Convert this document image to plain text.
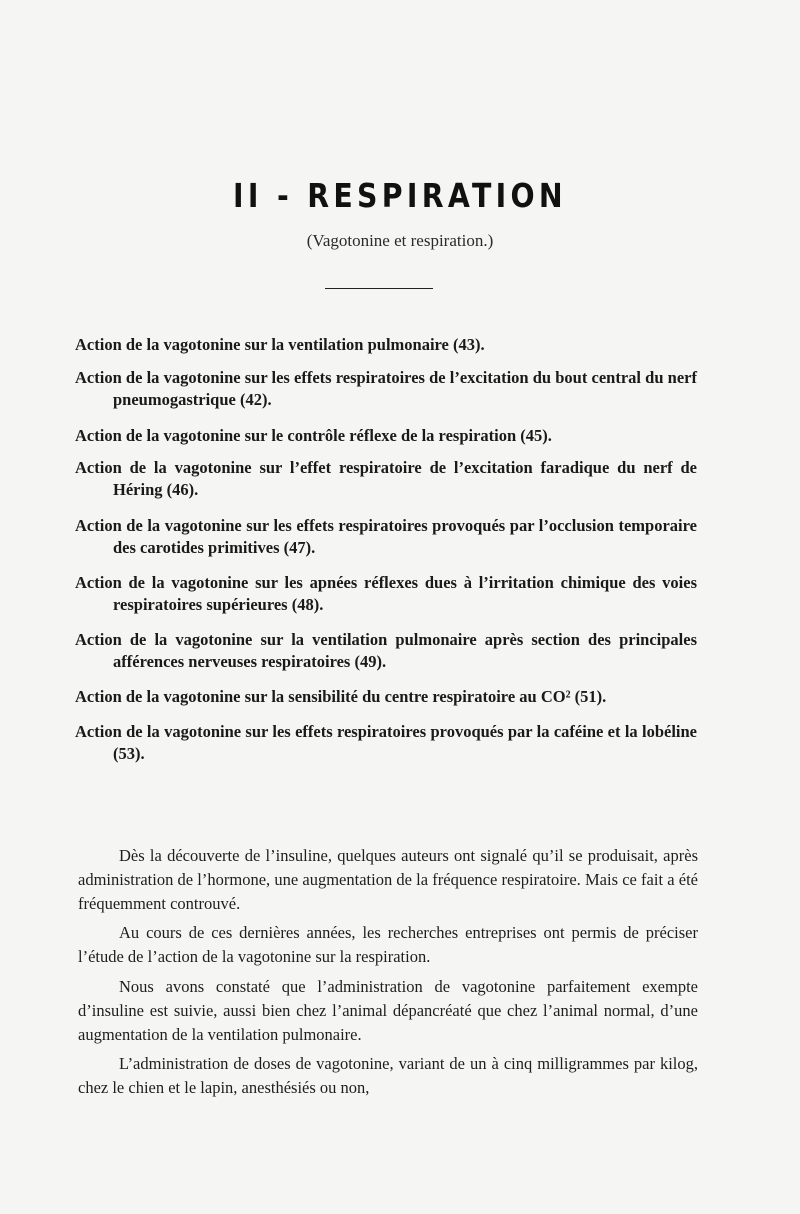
II - RESPIRATION
(Vagotonine et respiration.)
Action de la vagotonine sur la ventilation pulmonaire (43).
Action de la vagotonine sur les effets respiratoires de l’excitation du bout central du nerf pneumogastrique (42).
Action de la vagotonine sur le contrôle réflexe de la respiration (45).
Action de la vagotonine sur l’effet respiratoire de l’excitation faradique du nerf de Héring (46).
Action de la vagotonine sur les effets respiratoires provoqués par l’occlusion temporaire des carotides primitives (47).
Action de la vagotonine sur les apnées réflexes dues à l’irritation chimique des voies respiratoires supérieures (48).
Action de la vagotonine sur la ventilation pulmonaire après section des principales afférences nerveuses respiratoires (49).
Action de la vagotonine sur la sensibilité du centre respiratoire au CO² (51).
Action de la vagotonine sur les effets respiratoires provoqués par la caféine et la lobéline (53).

Dès la découverte de l’insuline, quelques auteurs ont signalé qu’il se produisait, après administration de l’hormone, une augmentation de la fréquence respiratoire. Mais ce fait a été fréquemment controuvé.

Au cours de ces dernières années, les recherches entreprises ont permis de préciser l’étude de l’action de la vagotonine sur la respiration.

Nous avons constaté que l’administration de vagotonine parfaitement exempte d’insuline est suivie, aussi bien chez l’animal dépancréaté que chez l’animal normal, d’une augmentation de la ventilation pulmonaire.

L’administration de doses de vagotonine, variant de un à cinq milligrammes par kilog, chez le chien et le lapin, anesthésiés ou non,
